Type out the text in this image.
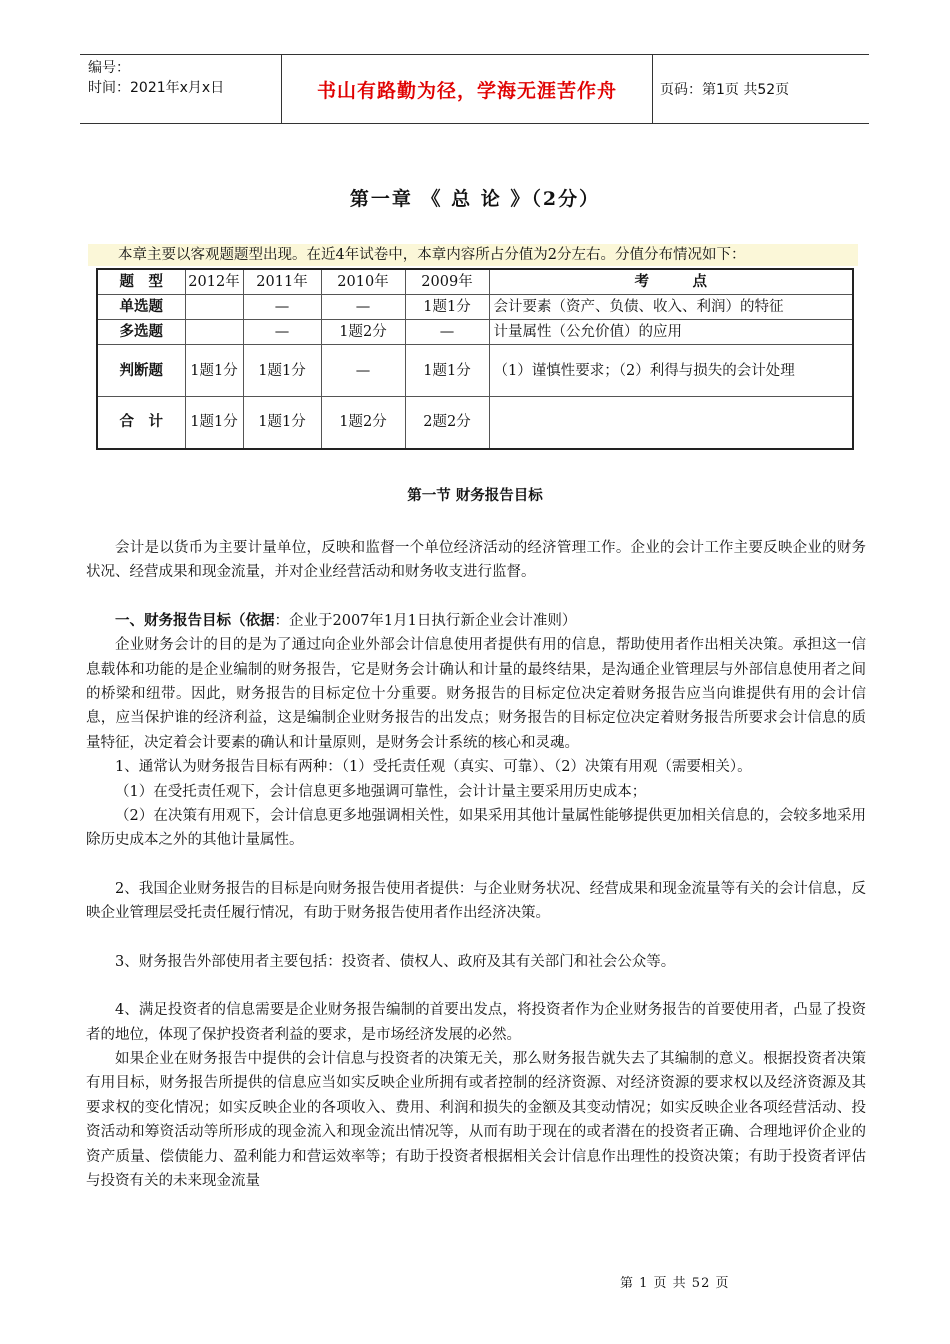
编号：
时间：2021年x月x日	书山有路勤为径，学海无涯苦作舟	页码：第1页 共52页
第一章 《 总 论 》（2分）
本章主要以客观题题型出现。在近4年试卷中，本章内容所占分值为2分左右。分值分布情况如下：
题　型	2012年	2011年	2010年	2009年	考　　　点
单选题		—	—	1题1分	会计要素（资产、负债、收入、利润）的特征
多选题		—	1题2分	—	计量属性（公允价值）的应用
判断题	1题1分	1题1分	—	1题1分	（1）谨慎性要求；（2）利得与损失的会计处理
合　计	1题1分	1题1分	1题2分	2题2分	
第一节 财务报告目标

会计是以货币为主要计量单位，反映和监督一个单位经济活动的经济管理工作。企业的会计工作主要反映企业的财务状况、经营成果和现金流量，并对企业经营活动和财务收支进行监督。

一、财务报告目标（依据：企业于2007年1月1日执行新企业会计准则）

企业财务会计的目的是为了通过向企业外部会计信息使用者提供有用的信息，帮助使用者作出相关决策。承担这一信息载体和功能的是企业编制的财务报告，它是财务会计确认和计量的最终结果，是沟通企业管理层与外部信息使用者之间的桥梁和纽带。因此，财务报告的目标定位十分重要。财务报告的目标定位决定着财务报告应当向谁提供有用的会计信息，应当保护谁的经济利益，这是编制企业财务报告的出发点；财务报告的目标定位决定着财务报告所要求会计信息的质量特征，决定着会计要素的确认和计量原则，是财务会计系统的核心和灵魂。

1、通常认为财务报告目标有两种：（1）受托责任观（真实、可靠）、（2）决策有用观（需要相关）。

（1）在受托责任观下，会计信息更多地强调可靠性，会计计量主要采用历史成本；

（2）在决策有用观下，会计信息更多地强调相关性，如果采用其他计量属性能够提供更加相关信息的，会较多地采用除历史成本之外的其他计量属性。

2、我国企业财务报告的目标是向财务报告使用者提供：与企业财务状况、经营成果和现金流量等有关的会计信息，反映企业管理层受托责任履行情况，有助于财务报告使用者作出经济决策。

3、财务报告外部使用者主要包括：投资者、债权人、政府及其有关部门和社会公众等。

4、满足投资者的信息需要是企业财务报告编制的首要出发点，将投资者作为企业财务报告的首要使用者，凸显了投资者的地位，体现了保护投资者利益的要求，是市场经济发展的必然。

如果企业在财务报告中提供的会计信息与投资者的决策无关，那么财务报告就失去了其编制的意义。根据投资者决策有用目标，财务报告所提供的信息应当如实反映企业所拥有或者控制的经济资源、对经济资源的要求权以及经济资源及其要求权的变化情况；如实反映企业的各项收入、费用、利润和损失的金额及其变动情况；如实反映企业各项经营活动、投资活动和筹资活动等所形成的现金流入和现金流出情况等，从而有助于现在的或者潜在的投资者正确、合理地评价企业的资产质量、偿债能力、盈利能力和营运效率等；有助于投资者根据相关会计信息作出理性的投资决策；有助于投资者评估与投资有关的未来现金流量

第 1 页 共 52 页
